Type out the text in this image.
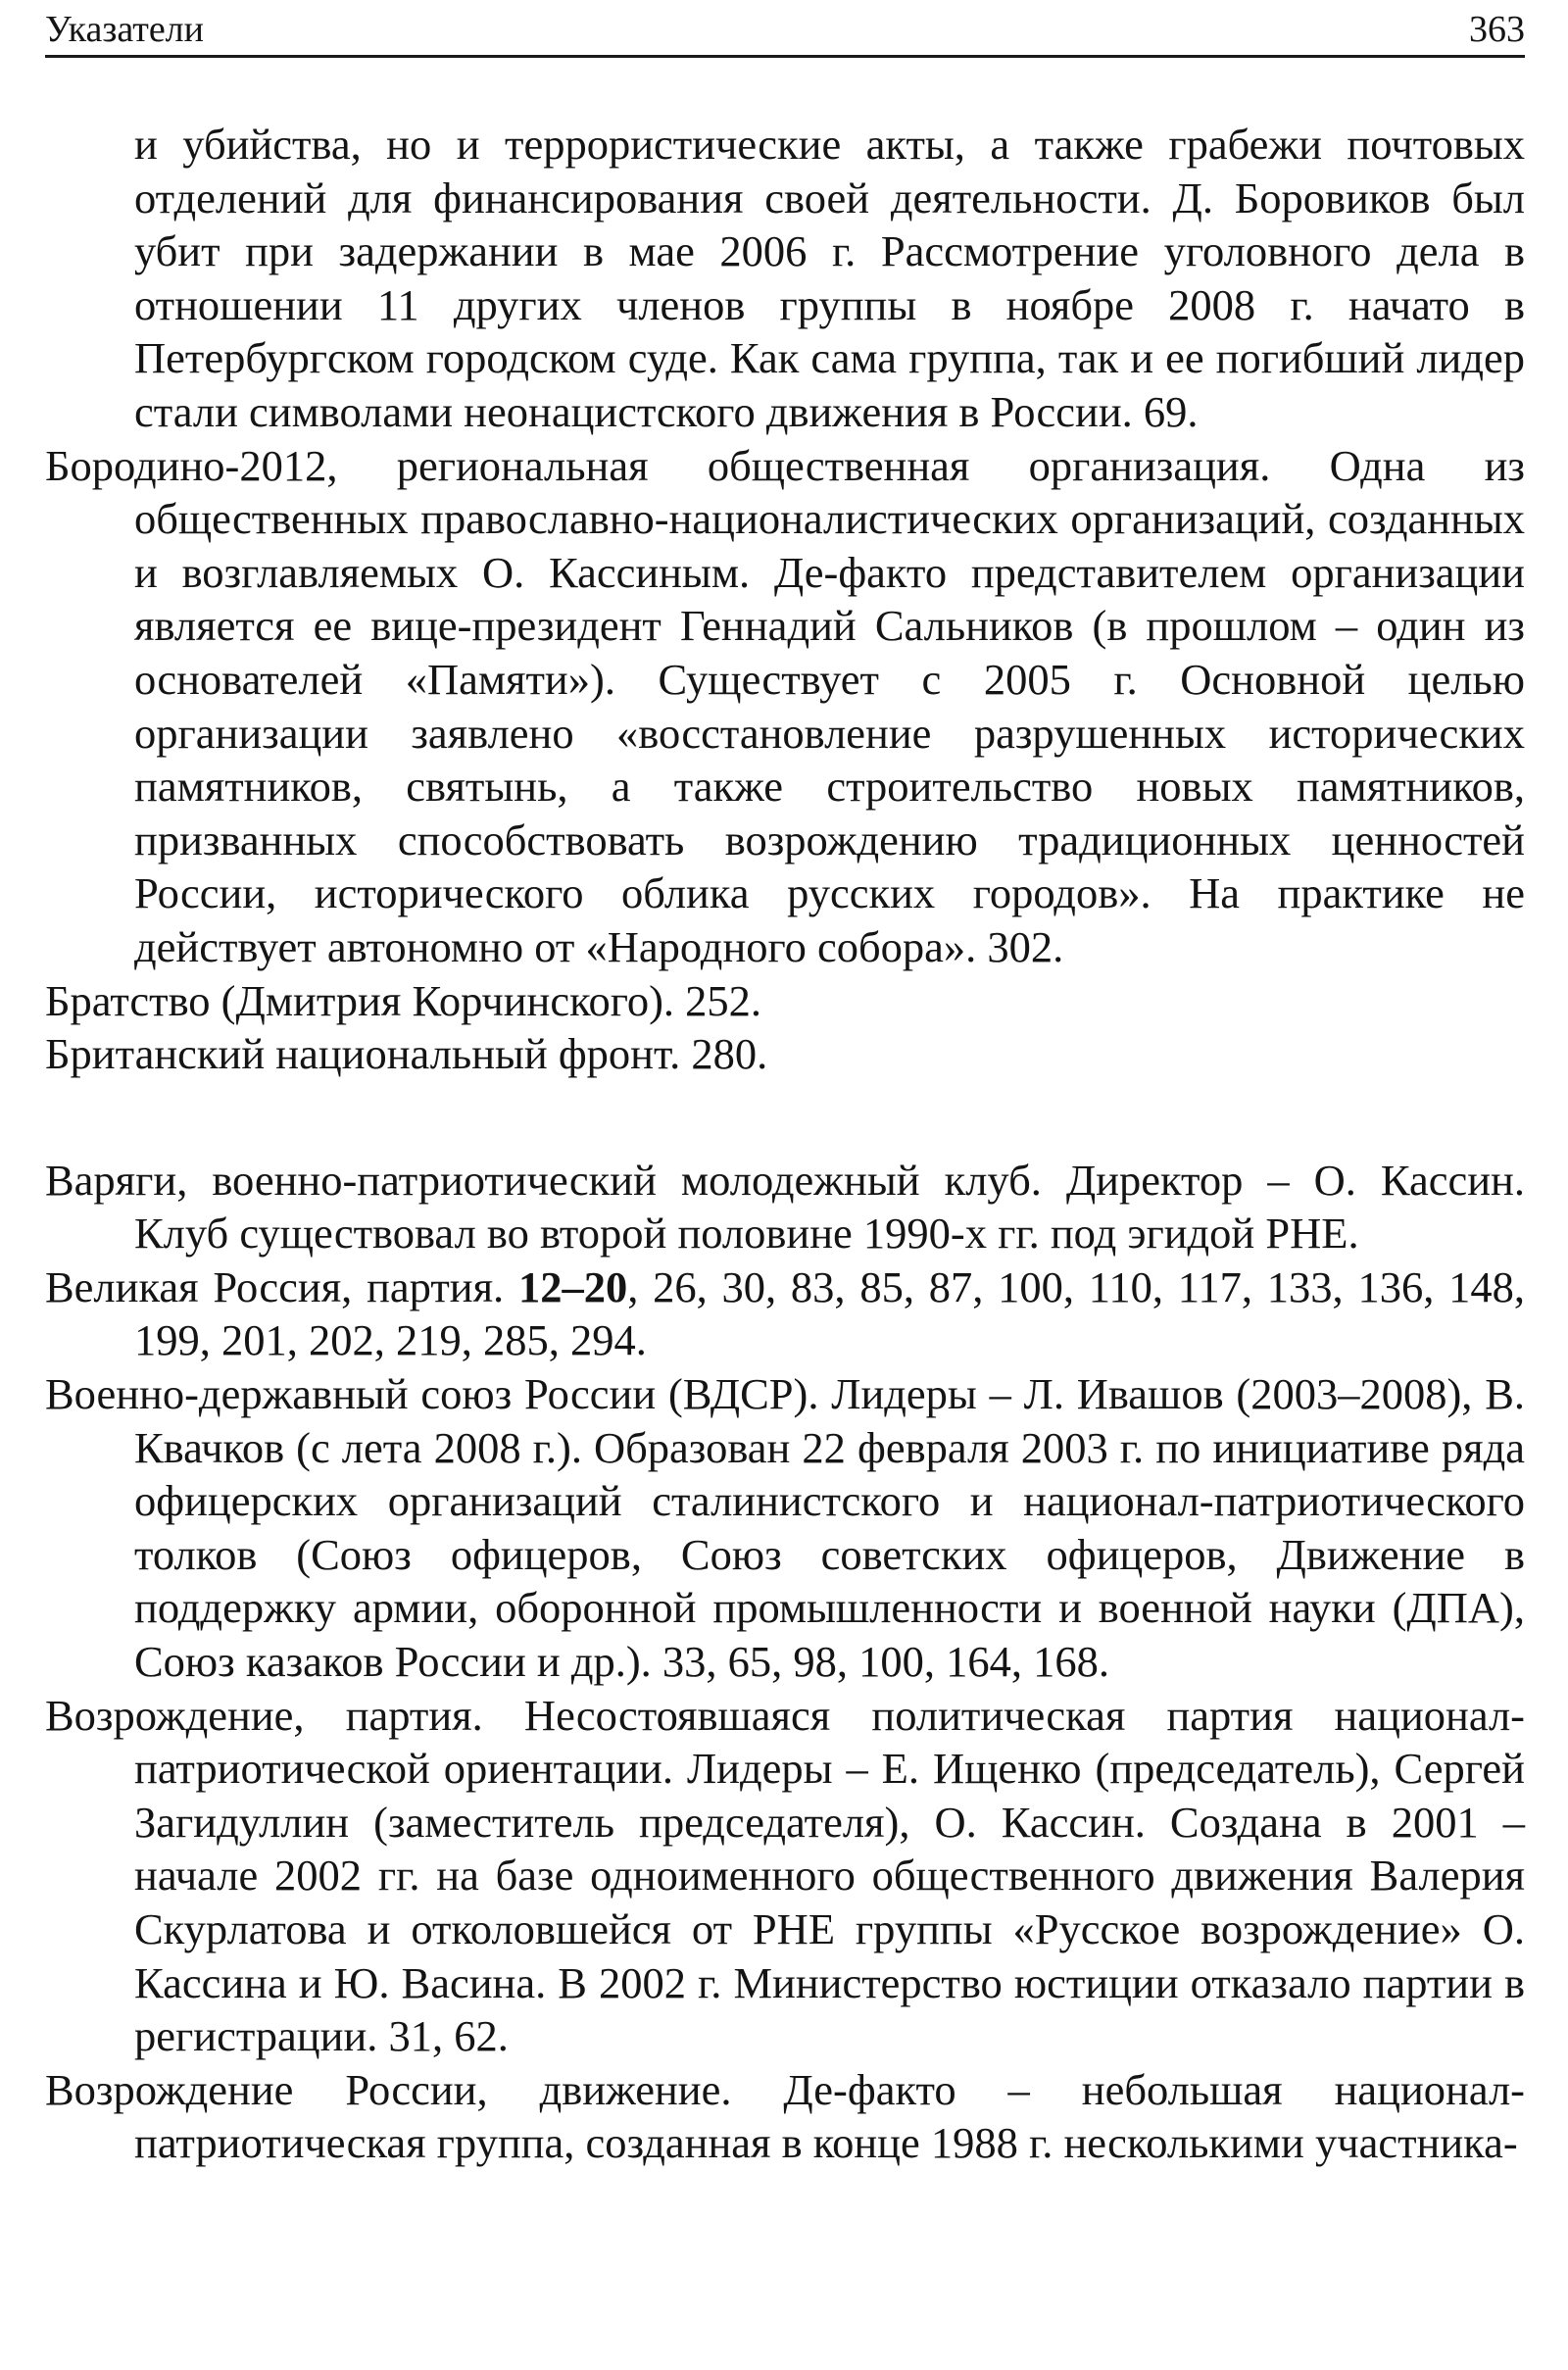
Указатели	363

и убийства, но и террористические акты, а также грабежи почтовых отделений для финансирования своей деятельности. Д. Боровиков был убит при задержании в мае 2006 г. Рассмотрение уголовного дела в отношении 11 других членов группы в ноябре 2008 г. начато в Петербургском городском суде. Как сама группа, так и ее погибший лидер стали символами неонацистского движения в России. 69.

Бородино-2012, региональная общественная организация. Одна из общественных православно-националистических организаций, созданных и возглавляемых О. Кассиным. Де-факто представителем организации является ее вице-президент Геннадий Сальников (в прошлом – один из основателей «Памяти»). Существует с 2005 г. Основной целью организации заявлено «восстановление разрушенных исторических памятников, святынь, а также строительство новых памятников, призванных способствовать возрождению традиционных ценностей России, исторического облика русских городов». На практике не действует автономно от «Народного собора». 302.

Братство (Дмитрия Корчинского). 252.

Британский национальный фронт. 280.

Варяги, военно-патриотический молодежный клуб. Директор – О. Кассин. Клуб существовал во второй половине 1990-х гг. под эгидой РНЕ.

Великая Россия, партия. 12–20, 26, 30, 83, 85, 87, 100, 110, 117, 133, 136, 148, 199, 201, 202, 219, 285, 294.

Военно-державный союз России (ВДСР). Лидеры – Л. Ивашов (2003–2008), В. Квачков (с лета 2008 г.). Образован 22 февраля 2003 г. по инициативе ряда офицерских организаций сталинистского и национал-патриотического толков (Союз офицеров, Союз советских офицеров, Движение в поддержку армии, оборонной промышленности и военной науки (ДПА), Союз казаков России и др.). 33, 65, 98, 100, 164, 168.

Возрождение, партия. Несостоявшаяся политическая партия национал-патриотической ориентации. Лидеры – Е. Ищенко (председатель), Сергей Загидуллин (заместитель председателя), О. Кассин. Создана в 2001 – начале 2002 гг. на базе одноименного общественного движения Валерия Скурлатова и отколовшейся от РНЕ группы «Русское возрождение» О. Кассина и Ю. Васина. В 2002 г. Министерство юстиции отказало партии в регистрации. 31, 62.

Возрождение России, движение. Де-факто – небольшая национал-патриотическая группа, созданная в конце 1988 г. несколькими участника-
